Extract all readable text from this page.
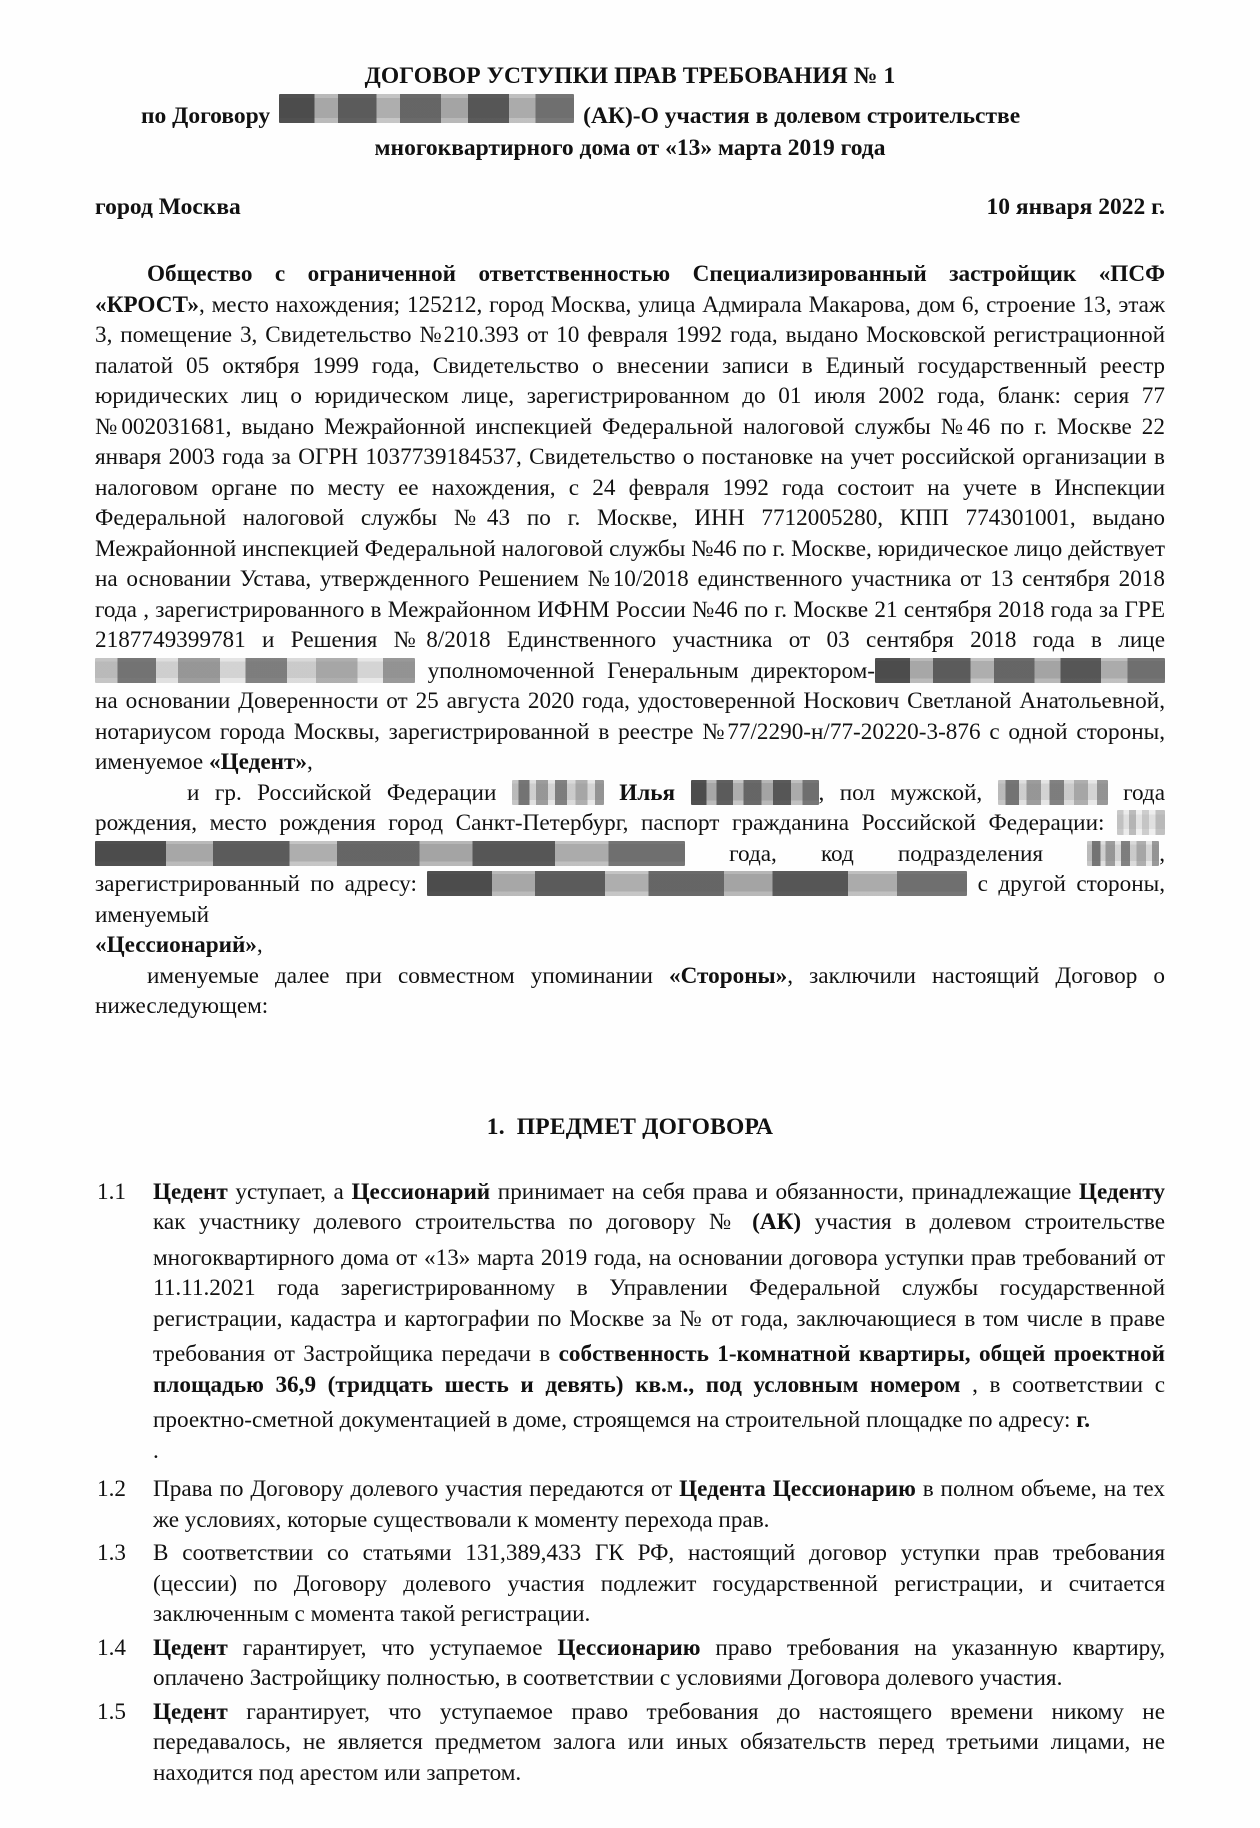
ДОГОВОР УСТУПКИ ПРАВ ТРЕБОВАНИЯ № 1
по Договору	(АК)-О участия в долевом строительстве
многоквартирного дома от «13» марта 2019 года
город Москва	10 января 2022 г.
Общество с ограниченной ответственностью Специализированный застройщик «ПСФ «КРОСТ», место нахождения; 125212, город Москва, улица Адмирала Макарова, дом 6, строение 13, этаж 3, помещение 3, Свидетельство №210.393 от 10 февраля 1992 года, выдано Московской регистрационной палатой 05 октября 1999 года, Свидетельство о внесении записи в Единый государственный реестр юридических лиц о юридическом лице, зарегистрированном до 01 июля 2002 года, бланк: серия 77 №002031681, выдано Межрайонной инспекцией Федеральной налоговой службы №46 по г. Москве 22 января 2003 года за ОГРН 1037739184537, Свидетельство о постановке на учет российской организации в налоговом органе по месту ее нахождения, с 24 февраля 1992 года состоит на учете в Инспекции Федеральной налоговой службы №43 по г. Москве, ИНН 7712005280, КПП 774301001, выдано Межрайонной инспекцией Федеральной налоговой службы №46 по г. Москве, юридическое лицо действует на основании Устава, утвержденного Решением №10/2018 единственного участника от 13 сентября 2018 года , зарегистрированного в Межрайонном ИФНМ России №46 по г. Москве 21 сентября 2018 года за ГРЕ 2187749399781 и Решения №8/2018 Единственного участника от 03 сентября 2018 года в лице  уполномоченной Генеральным директором- на основании Доверенности от 25 августа 2020 года, удостоверенной Носкович Светланой Анатольевной, нотариусом города Москвы, зарегистрированной в реестре №77/2290-н/77-20220-3-876 с одной стороны, именуемое «Цедент»,
и гр. Российской Федерации	Илья	, пол мужской,	года рождения, место рождения город Санкт-Петербург, паспорт гражданина Российской Федерации:  года, код подразделения	, зарегистрированный по адресу:	с другой стороны, именуемый
«Цессионарий»,
именуемые далее при совместном упоминании «Стороны», заключили настоящий Договор о нижеследующем:
1. ПРЕДМЕТ ДОГОВОРА
1.1	Цедент уступает, а Цессионарий принимает на себя права и обязанности, принадлежащие Цеденту как участнику долевого строительства по договору № (АК) участия в долевом строительстве многоквартирного дома от «13» марта 2019 года, на основании договора уступки прав требований от 11.11.2021 года зарегистрированному в Управлении Федеральной службы государственной регистрации, кадастра и картографии по Москве за № от года, заключающиеся в том числе в праве требования от Застройщика передачи в собственность 1-комнатной квартиры, общей проектной площадью 36,9 (тридцать шесть и девять) кв.м., под условным номером , в соответствии с проектно-сметной документацией в доме, строящемся на строительной площадке по адресу: г.
.
1.2	Права по Договору долевого участия передаются от Цедента Цессионарию в полном объеме, на тех же условиях, которые существовали к моменту перехода прав.
1.3	В соответствии со статьями 131,389,433 ГК РФ, настоящий договор уступки прав требования (цессии) по Договору долевого участия подлежит государственной регистрации, и считается заключенным с момента такой регистрации.
1.4	Цедент гарантирует, что уступаемое Цессионарию право требования на указанную квартиру, оплачено Застройщику полностью, в соответствии с условиями Договора долевого участия.
1.5	Цедент гарантирует, что уступаемое право требования до настоящего времени никому не передавалось, не является предметом залога или иных обязательств перед третьими лицами, не находится под арестом или запретом.
